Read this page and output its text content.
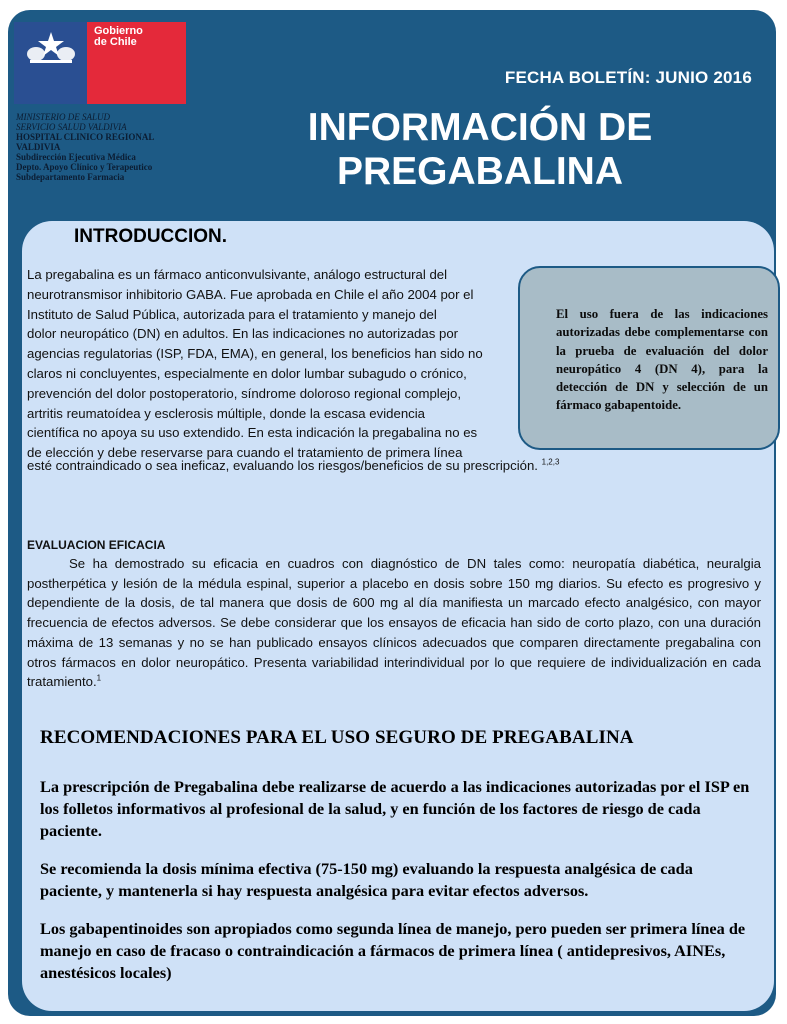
Gobierno
de Chile
MINISTERIO DE SALUD
SERVICIO SALUD VALDIVIA
HOSPITAL CLINICO REGIONAL
VALDIVIA
Subdirección Ejecutiva Médica
Depto. Apoyo Clínico y Terapeutico
Subdepartamento Farmacia
FECHA BOLETÍN: JUNIO 2016
INFORMACIÓN DE
PREGABALINA
INTRODUCCION.
La pregabalina es un fármaco anticonvulsivante, análogo estructural del
neurotransmisor inhibitorio GABA. Fue aprobada en Chile el año 2004 por el
Instituto de Salud Pública, autorizada para el tratamiento y manejo del
dolor neuropático (DN) en adultos. En las indicaciones no autorizadas por
agencias regulatorias (ISP, FDA, EMA), en general, los beneficios han sido no
claros ni concluyentes, especialmente en dolor lumbar subagudo o crónico,
prevención del dolor postoperatorio, síndrome doloroso regional complejo,
artritis reumatoídea y esclerosis múltiple, donde la escasa evidencia
científica no apoya su uso extendido. En esta indicación la pregabalina no es
de elección y debe reservarse para cuando el tratamiento de primera línea
esté contraindicado o sea ineficaz, evaluando los riesgos/beneficios de su prescripción. $^{1,2,3}$

El uso fuera de las indicaciones autorizadas debe complementarse con la prueba de evaluación del dolor neuropático 4 (DN 4), para la detección de DN y selección de un fármaco gabapentoide.

EVALUACION EFICACIA
Se ha demostrado su eficacia en cuadros con diagnóstico de DN tales como: neuropatía diabética, neuralgia postherpética y lesión de la médula espinal, superior a placebo en dosis sobre 150 mg diarios. Su efecto es progresivo y dependiente de la dosis, de tal manera que dosis de 600 mg al día manifiesta un marcado efecto analgésico, con mayor frecuencia de efectos adversos. Se debe considerar que los ensayos de eficacia han sido de corto plazo, con una duración máxima de 13 semanas y no se han publicado ensayos clínicos adecuados que comparen directamente pregabalina con otros fármacos en dolor neuropático. Presenta variabilidad interindividual por lo que requiere de individualización en cada tratamiento.$^1$
RECOMENDACIONES PARA EL USO SEGURO DE PREGABALINA

La prescripción de Pregabalina debe realizarse de acuerdo a las indicaciones autorizadas por el ISP en los folletos informativos al profesional de la salud, y en función de los factores de riesgo de cada paciente.

Se recomienda la dosis mínima efectiva (75-150 mg) evaluando la respuesta analgésica de cada paciente, y mantenerla si hay respuesta analgésica para evitar efectos adversos.

Los gabapentinoides son apropiados como segunda línea de manejo, pero pueden ser primera línea de manejo en caso de fracaso o contraindicación a fármacos de primera línea ( antidepresivos, AINEs, anestésicos locales)
